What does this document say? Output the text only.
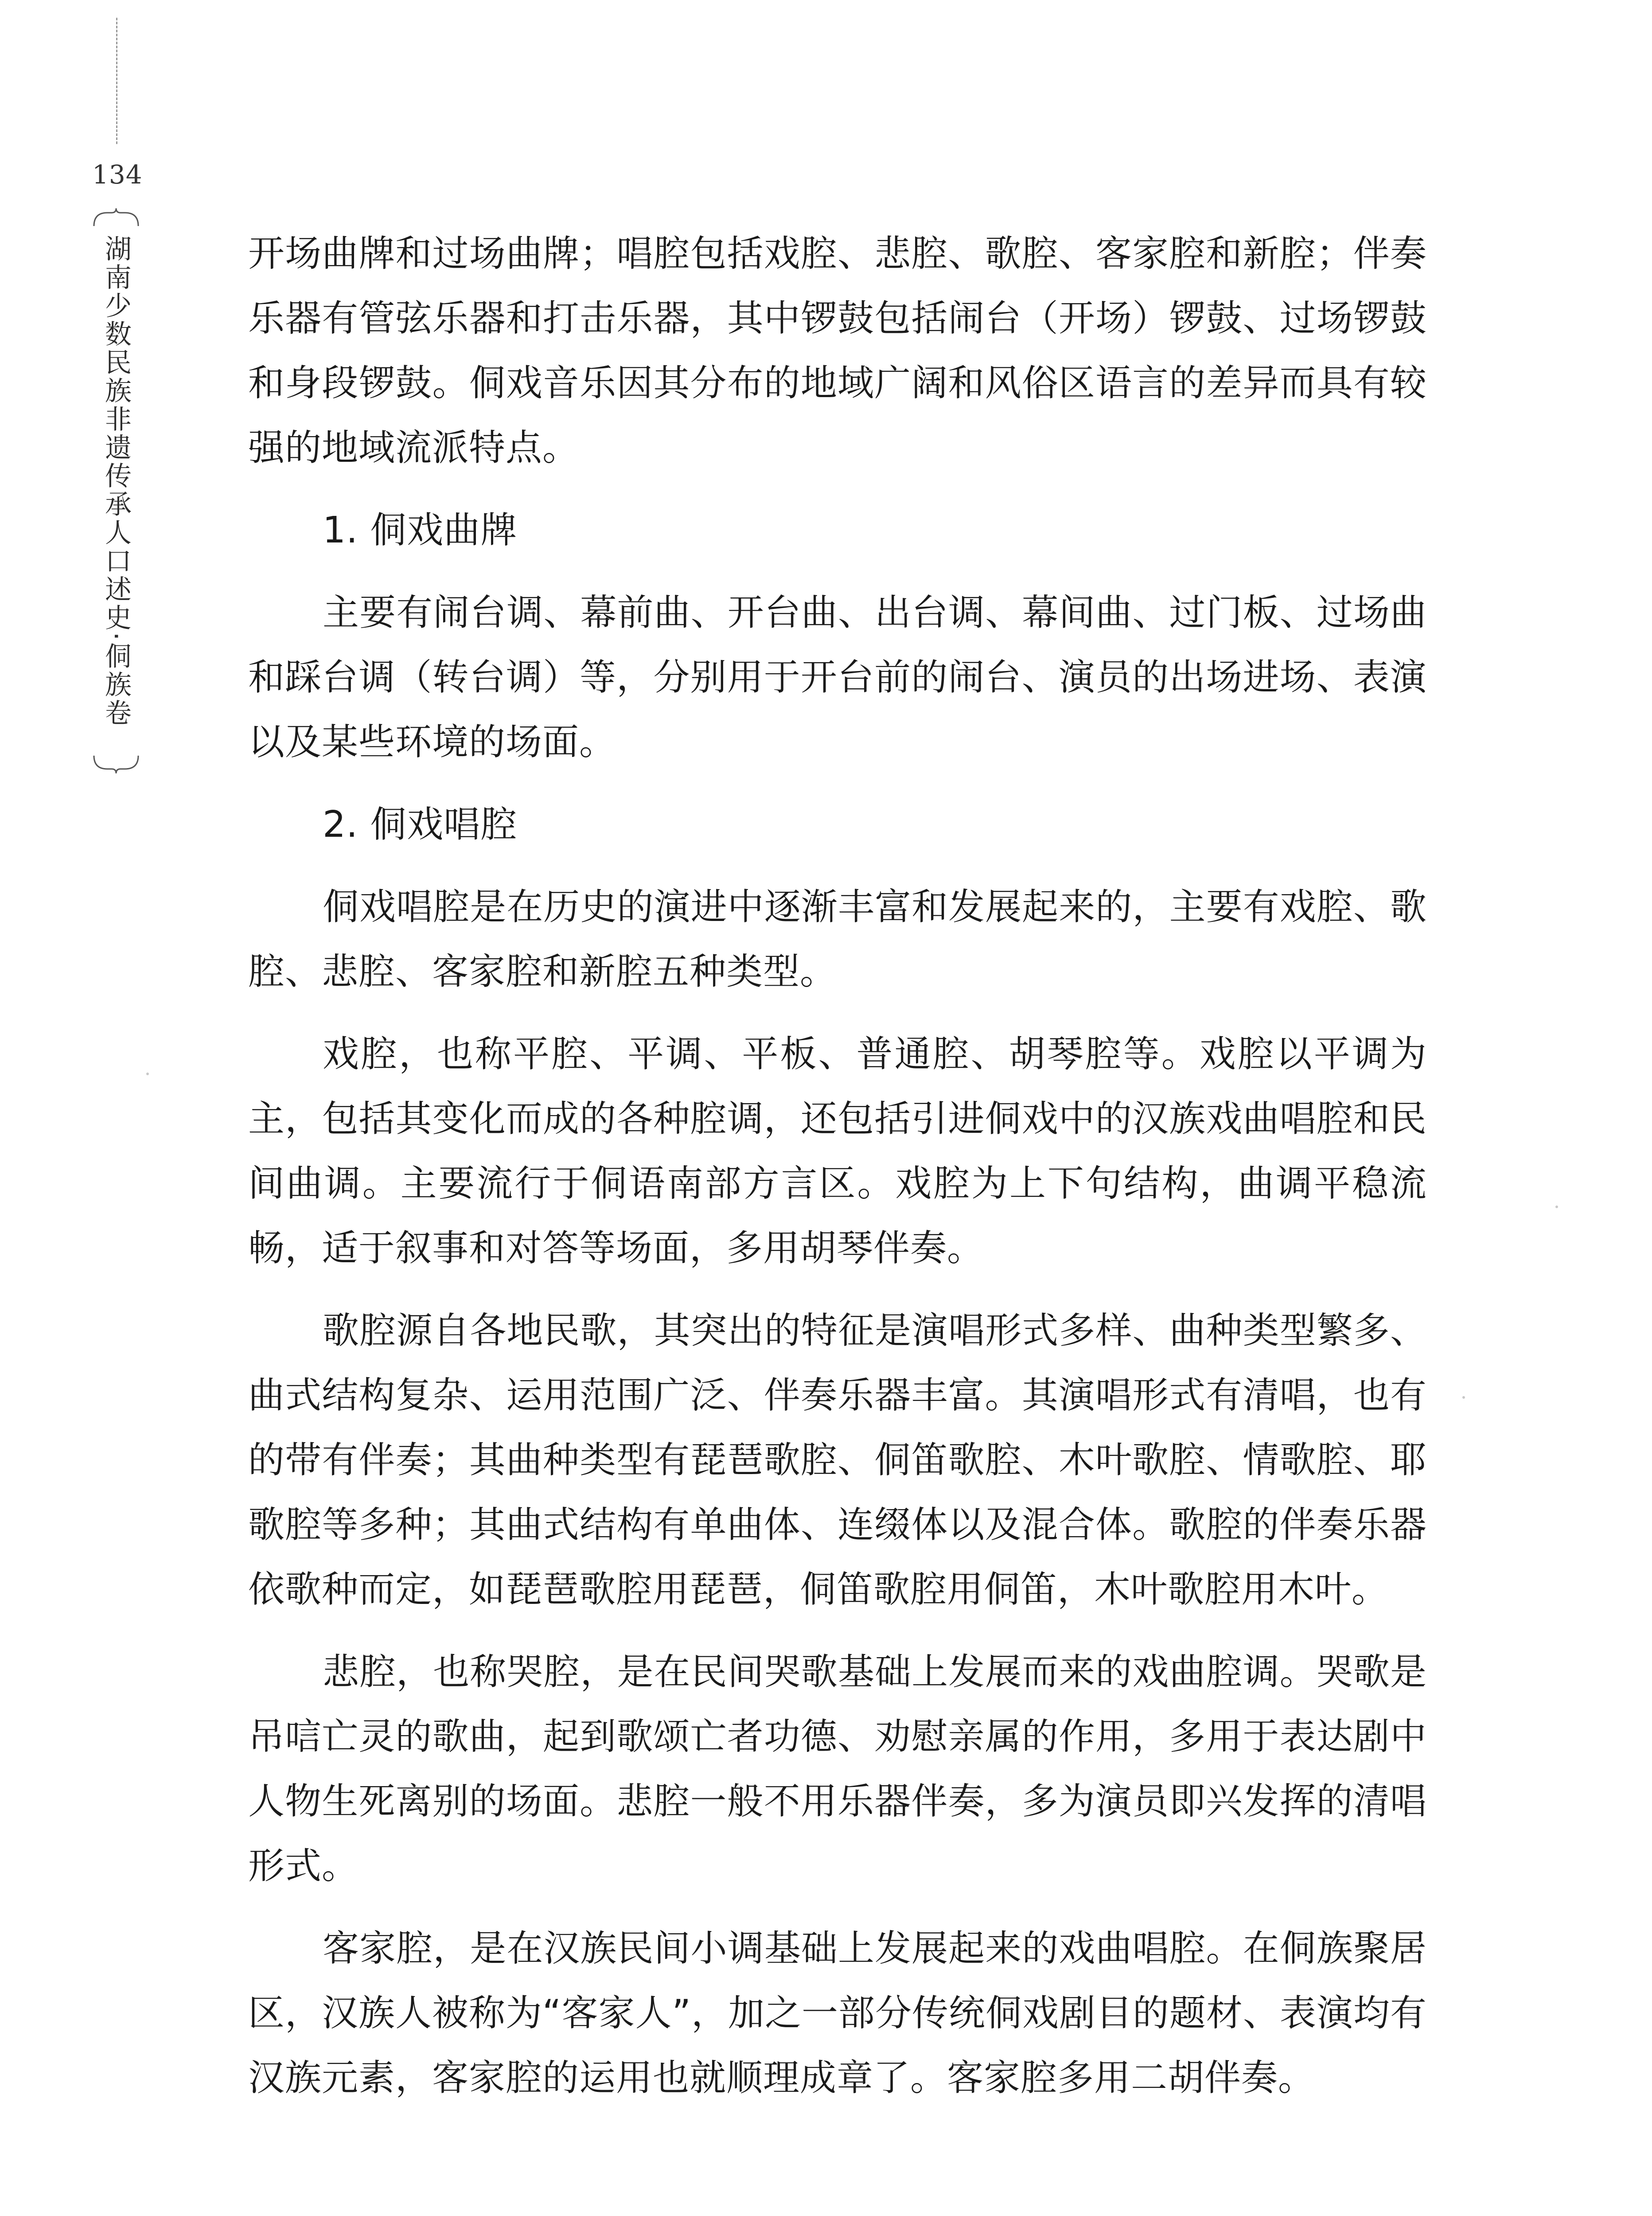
134
湖南少数民族非遗传承人口述史·侗族卷	开场曲牌和过场曲牌；唱腔包括戏腔、悲腔、歌腔、客家腔和新腔；伴奏乐器有管弦乐器和打击乐器，其中锣鼓包括闹台（开场）锣鼓、过场锣鼓和身段锣鼓。侗戏音乐因其分布的地域广阔和风俗区语言的差异而具有较强的地域流派特点。

1. 侗戏曲牌

主要有闹台调、幕前曲、开台曲、出台调、幕间曲、过门板、过场曲和踩台调（转台调）等，分别用于开台前的闹台、演员的出场进场、表演以及某些环境的场面。

2. 侗戏唱腔

侗戏唱腔是在历史的演进中逐渐丰富和发展起来的，主要有戏腔、歌腔、悲腔、客家腔和新腔五种类型。

戏腔，也称平腔、平调、平板、普通腔、胡琴腔等。戏腔以平调为主，包括其变化而成的各种腔调，还包括引进侗戏中的汉族戏曲唱腔和民间曲调。主要流行于侗语南部方言区。戏腔为上下句结构，曲调平稳流畅，适于叙事和对答等场面，多用胡琴伴奏。

歌腔源自各地民歌，其突出的特征是演唱形式多样、曲种类型繁多、曲式结构复杂、运用范围广泛、伴奏乐器丰富。其演唱形式有清唱，也有的带有伴奏；其曲种类型有琵琶歌腔、侗笛歌腔、木叶歌腔、情歌腔、耶歌腔等多种；其曲式结构有单曲体、连缀体以及混合体。歌腔的伴奏乐器依歌种而定，如琵琶歌腔用琵琶，侗笛歌腔用侗笛，木叶歌腔用木叶。

悲腔，也称哭腔，是在民间哭歌基础上发展而来的戏曲腔调。哭歌是吊唁亡灵的歌曲，起到歌颂亡者功德、劝慰亲属的作用，多用于表达剧中人物生死离别的场面。悲腔一般不用乐器伴奏，多为演员即兴发挥的清唱形式。

客家腔，是在汉族民间小调基础上发展起来的戏曲唱腔。在侗族聚居区，汉族人被称为“客家人”，加之一部分传统侗戏剧目的题材、表演均有汉族元素，客家腔的运用也就顺理成章了。客家腔多用二胡伴奏。
